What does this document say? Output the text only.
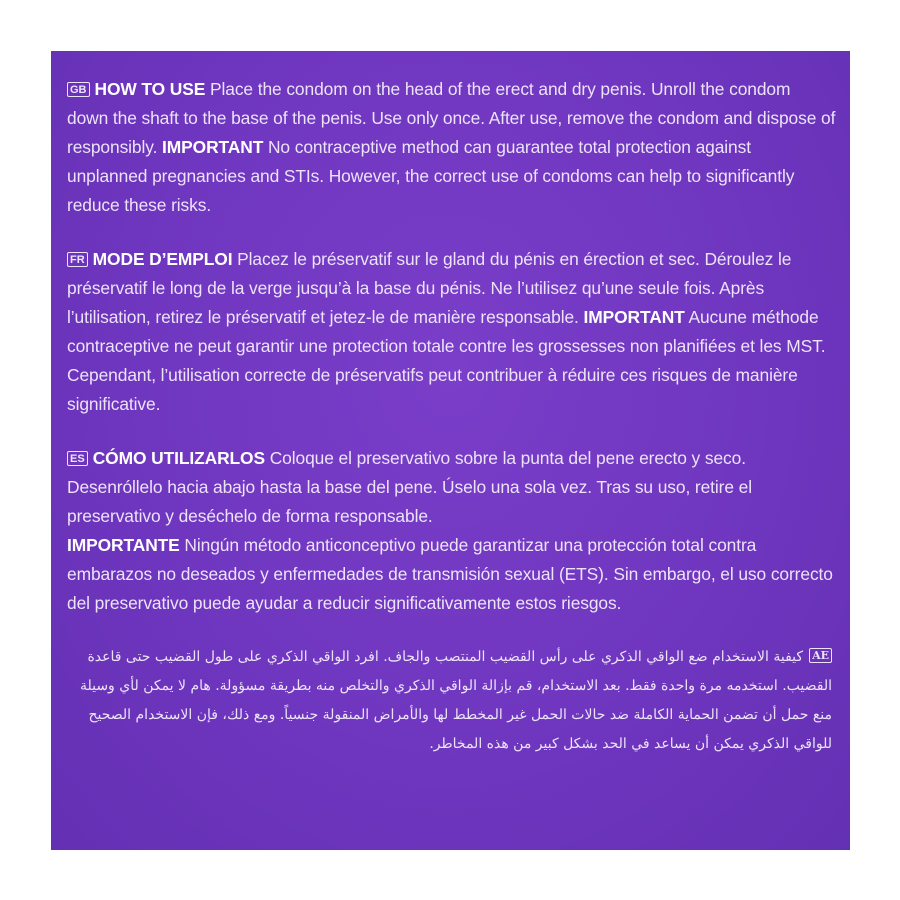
GB HOW TO USE Place the condom on the head of the erect and dry penis. Unroll the condom down the shaft to the base of the penis. Use only once. After use, remove the condom and dispose of responsibly. IMPORTANT No contraceptive method can guarantee total protection against unplanned pregnancies and STIs. However, the correct use of condoms can help to significantly reduce these risks.

FR MODE D’EMPLOI Placez le préservatif sur le gland du pénis en érection et sec. Déroulez le préservatif le long de la verge jusqu’à la base du pénis. Ne l’utilisez qu’une seule fois. Après l’utilisation, retirez le préservatif et jetez-le de manière responsable. IMPORTANT Aucune méthode contraceptive ne peut garantir une protection totale contre les grossesses non planifiées et les MST. Cependant, l’utilisation correcte de préservatifs peut contribuer à réduire ces risques de manière significative.

ES CÓMO UTILIZARLOS Coloque el preservativo sobre la punta del pene erecto y seco. Desenróllelo hacia abajo hasta la base del pene. Úselo una sola vez. Tras su uso, retire el preservativo y deséchelo de forma responsable.
IMPORTANTE Ningún método anticonceptivo puede garantizar una protección total contra embarazos no deseados y enfermedades de transmisión sexual (ETS). Sin embargo, el uso correcto del preservativo puede ayudar a reducir significativamente estos riesgos.

AEكيفية الاستخدام ضع الواقي الذكري على رأس القضيب المنتصب والجاف. افرد الواقي الذكري على طول القضيب حتى قاعدة القضيب. استخدمه مرة واحدة فقط. بعد الاستخدام، قم بإزالة الواقي الذكري والتخلص منه بطريقة مسؤولة. هام لا يمكن لأي وسيلة منع حمل أن تضمن الحماية الكاملة ضد حالات الحمل غير المخطط لها والأمراض المنقولة جنسياً. ومع ذلك، فإن الاستخدام الصحيح للواقي الذكري يمكن أن يساعد في الحد بشكل كبير من هذه المخاطر.
